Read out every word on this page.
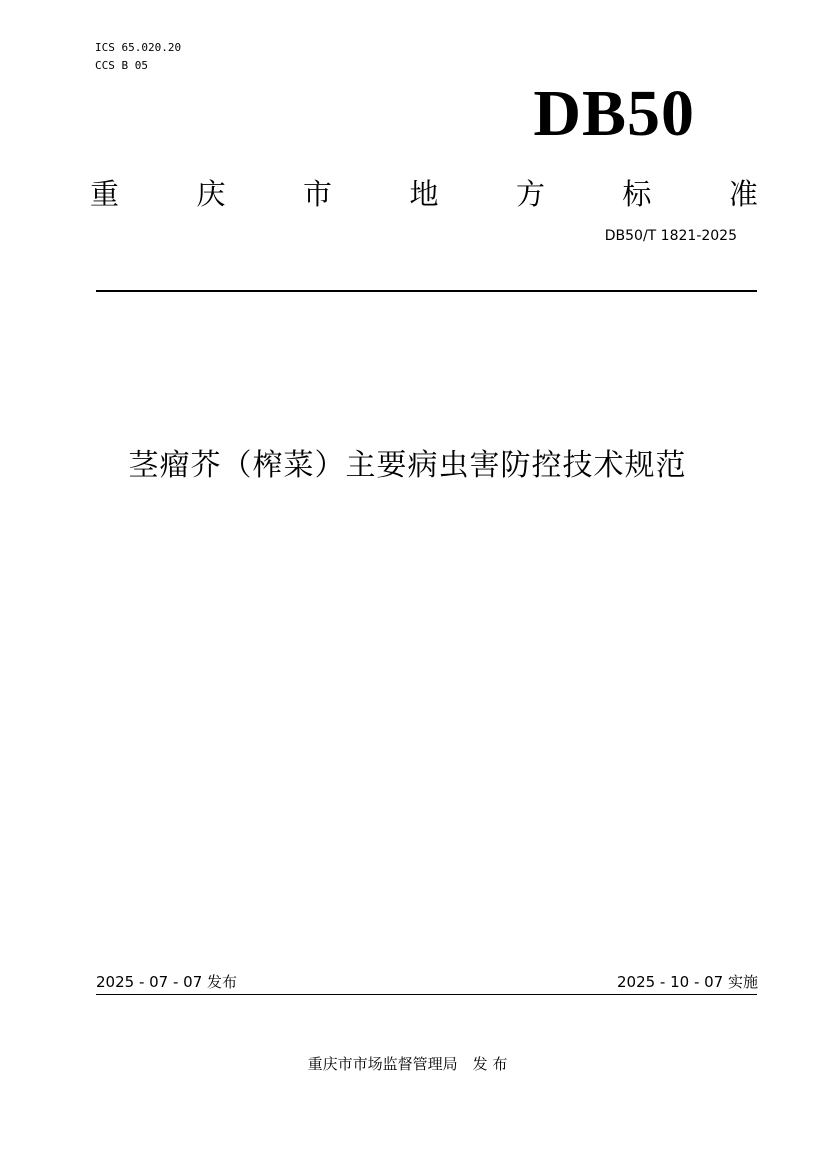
ICS 65.020.20
CCS B 05
DB50
重	庆	市	地	方	标	准
DB50/T 1821-2025
茎瘤芥（榨菜）主要病虫害防控技术规范
2025 - 07 - 07 发布	2025 - 10 - 07 实施
重庆市市场监督管理局　发 布
